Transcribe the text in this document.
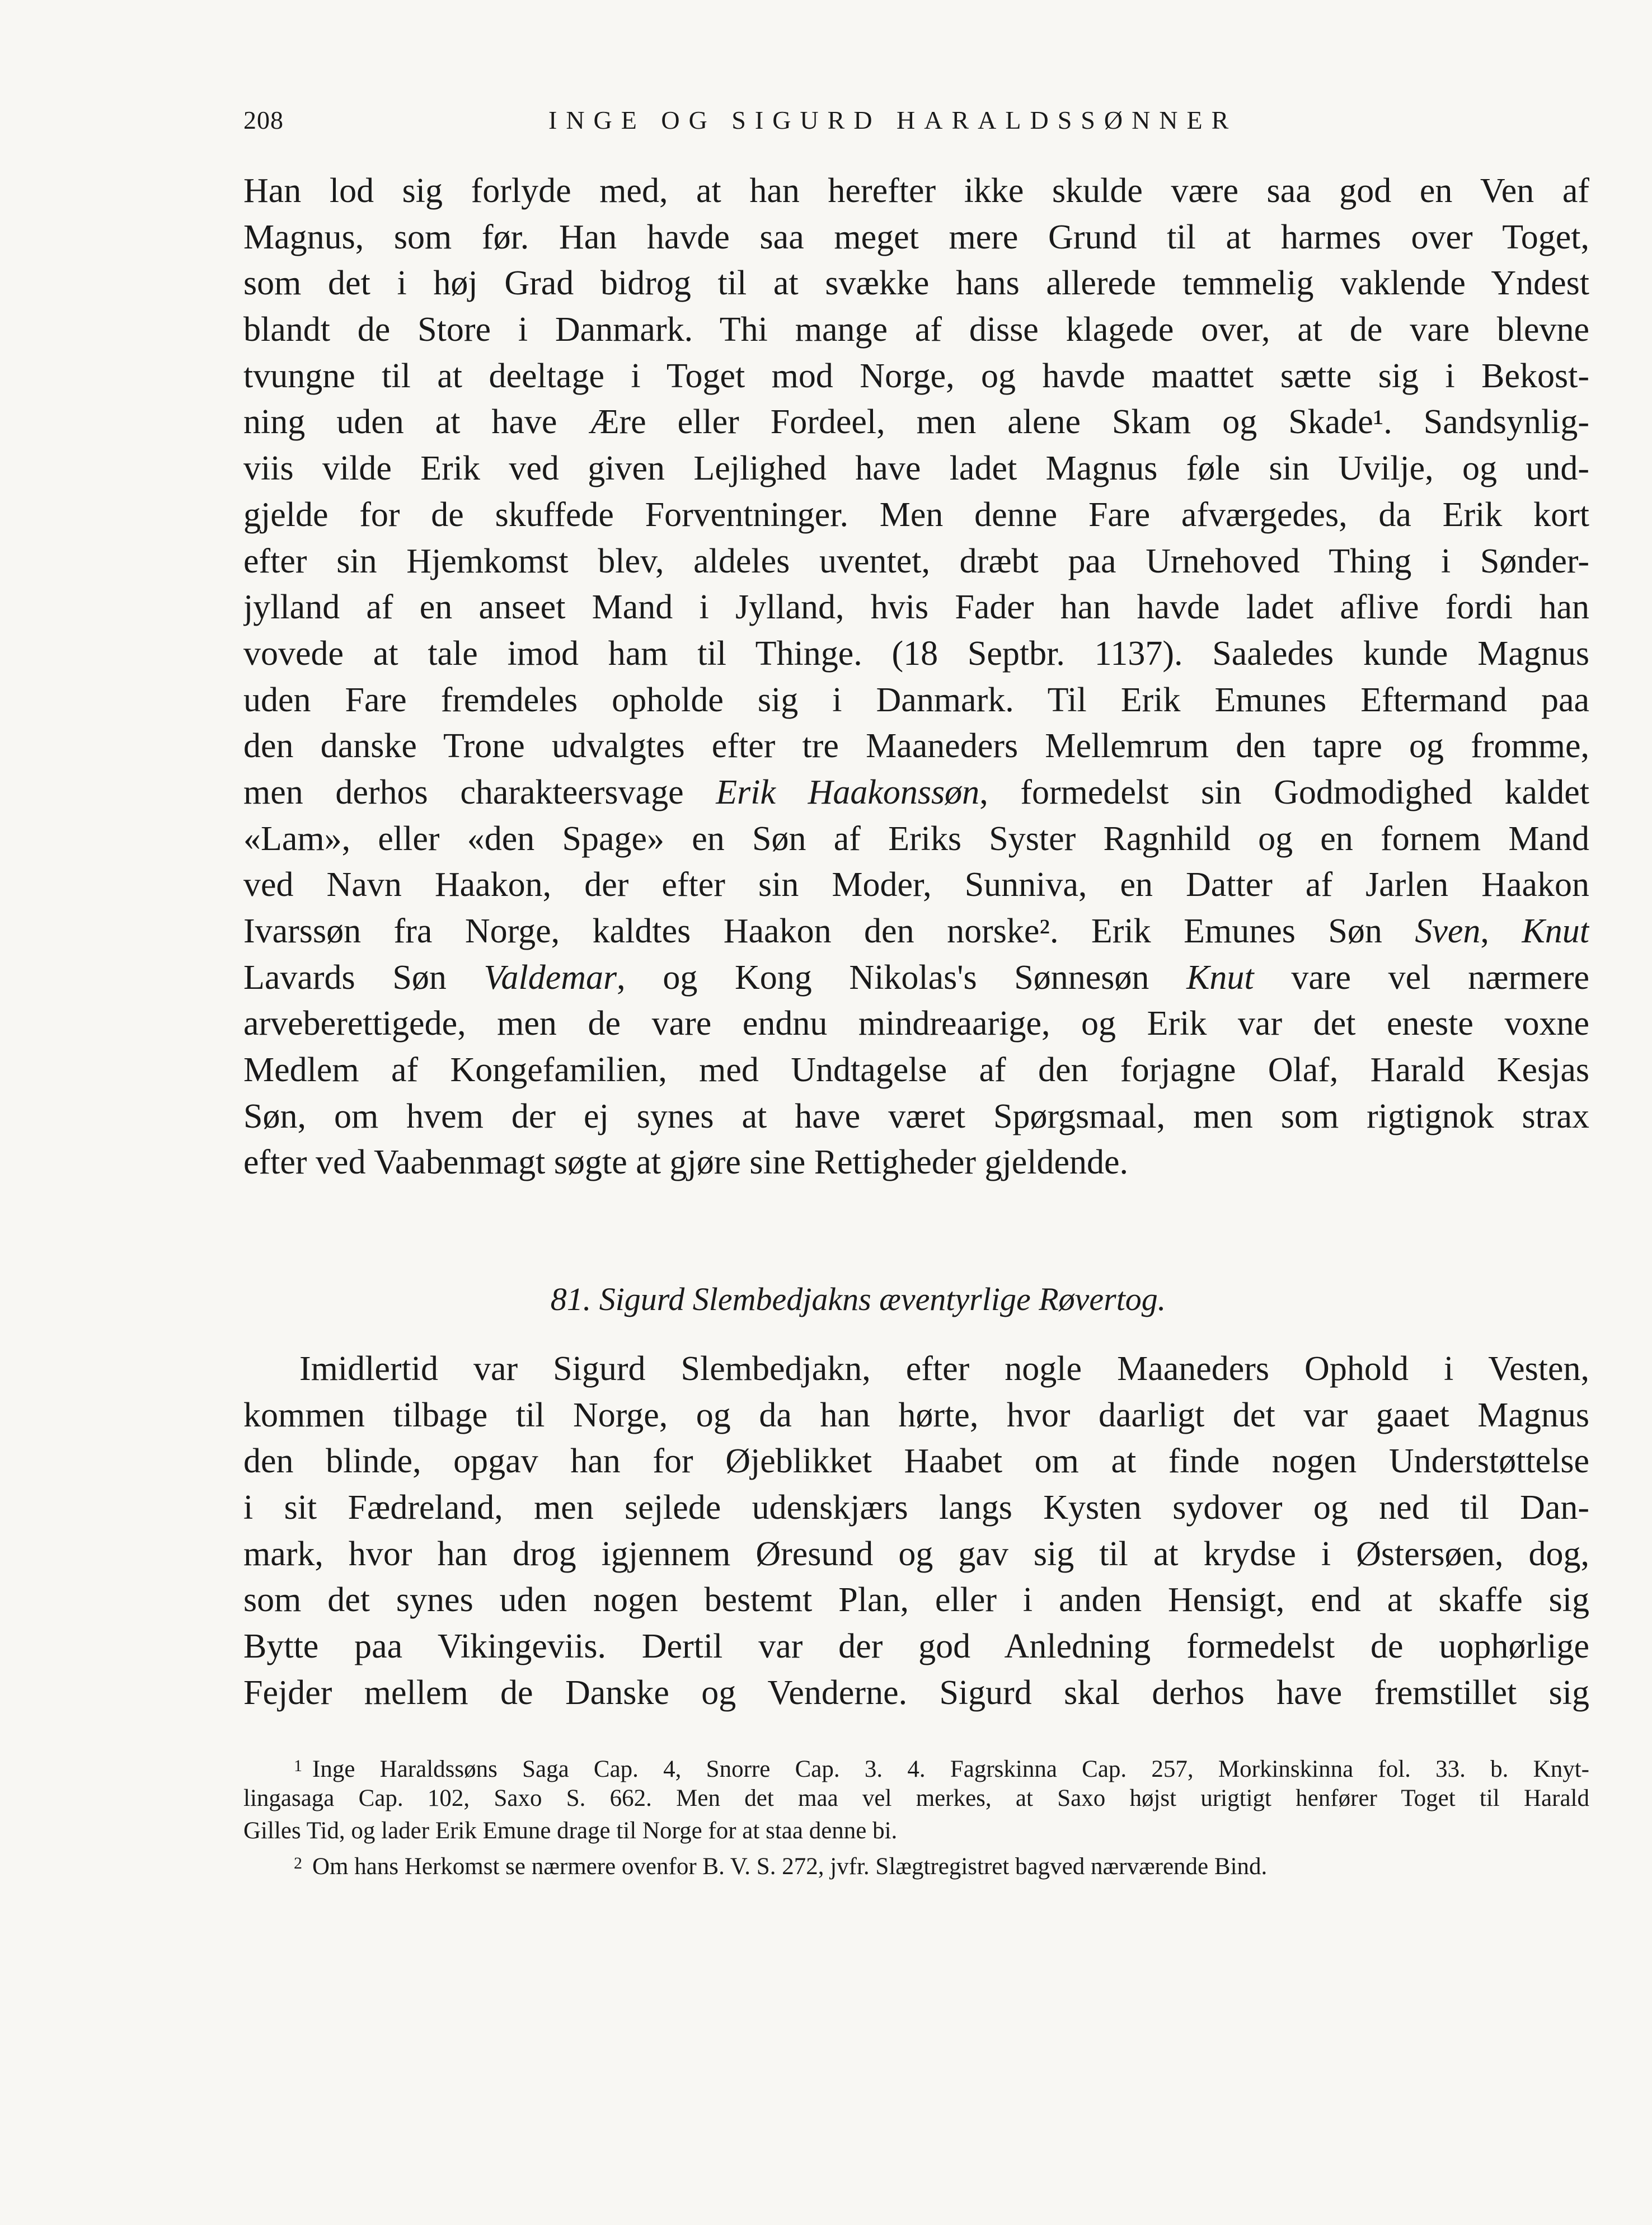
208	INGE OG SIGURD HARALDSSØNNER
Han lod sig forlyde med, at han herefter ikke skulde være saa god en Ven af
Magnus, som før. Han havde saa meget mere Grund til at harmes over Toget,
som det i høj Grad bidrog til at svække hans allerede temmelig vaklende Yndest
blandt de Store i Danmark. Thi mange af disse klagede over, at de vare blevne
tvungne til at deeltage i Toget mod Norge, og havde maattet sætte sig i Bekost-
ning uden at have Ære eller Fordeel, men alene Skam og Skade¹. Sandsynlig-
viis vilde Erik ved given Lejlighed have ladet Magnus føle sin Uvilje, og und-
gjelde for de skuffede Forventninger. Men denne Fare afværgedes, da Erik kort
efter sin Hjemkomst blev, aldeles uventet, dræbt paa Urnehoved Thing i Sønder-
jylland af en anseet Mand i Jylland, hvis Fader han havde ladet aflive fordi han
vovede at tale imod ham til Thinge. (18 Septbr. 1137). Saaledes kunde Magnus
uden Fare fremdeles opholde sig i Danmark. Til Erik Emunes Eftermand paa
den danske Trone udvalgtes efter tre Maaneders Mellemrum den tapre og fromme,
men derhos charakteersvage Erik Haakonssøn, formedelst sin Godmodighed kaldet
«Lam», eller «den Spage» en Søn af Eriks Syster Ragnhild og en fornem Mand
ved Navn Haakon, der efter sin Moder, Sunniva, en Datter af Jarlen Haakon
Ivarssøn fra Norge, kaldtes Haakon den norske². Erik Emunes Søn Sven, Knut
Lavards Søn Valdemar, og Kong Nikolas's Sønnesøn Knut vare vel nærmere
arveberettigede, men de vare endnu mindreaarige, og Erik var det eneste voxne
Medlem af Kongefamilien, med Undtagelse af den forjagne Olaf, Harald Kesjas
Søn, om hvem der ej synes at have været Spørgsmaal, men som rigtignok strax
efter ved Vaabenmagt søgte at gjøre sine Rettigheder gjeldende.
81. Sigurd Slembedjakns æventyrlige Røvertog.
Imidlertid var Sigurd Slembedjakn, efter nogle Maaneders Ophold i Vesten,
kommen tilbage til Norge, og da han hørte, hvor daarligt det var gaaet Magnus
den blinde, opgav han for Øjeblikket Haabet om at finde nogen Understøttelse
i sit Fædreland, men sejlede udenskjærs langs Kysten sydover og ned til Dan-
mark, hvor han drog igjennem Øresund og gav sig til at krydse i Østersøen, dog,
som det synes uden nogen bestemt Plan, eller i anden Hensigt, end at skaffe sig
Bytte paa Vikingeviis. Dertil var der god Anledning formedelst de uophørlige
Fejder mellem de Danske og Venderne. Sigurd skal derhos have fremstillet sig
$^1$ Inge Haraldssøns Saga Cap. 4, Snorre Cap. 3. 4. Fagrskinna Cap. 257, Morkinskinna fol. 33. b. Knyt-
lingasaga Cap. 102, Saxo S. 662. Men det maa vel merkes, at Saxo højst urigtigt henfører Toget til Harald
Gilles Tid, og lader Erik Emune drage til Norge for at staa denne bi.
$^2$ Om hans Herkomst se nærmere ovenfor B. V. S. 272, jvfr. Slægtregistret bagved nærværende Bind.
